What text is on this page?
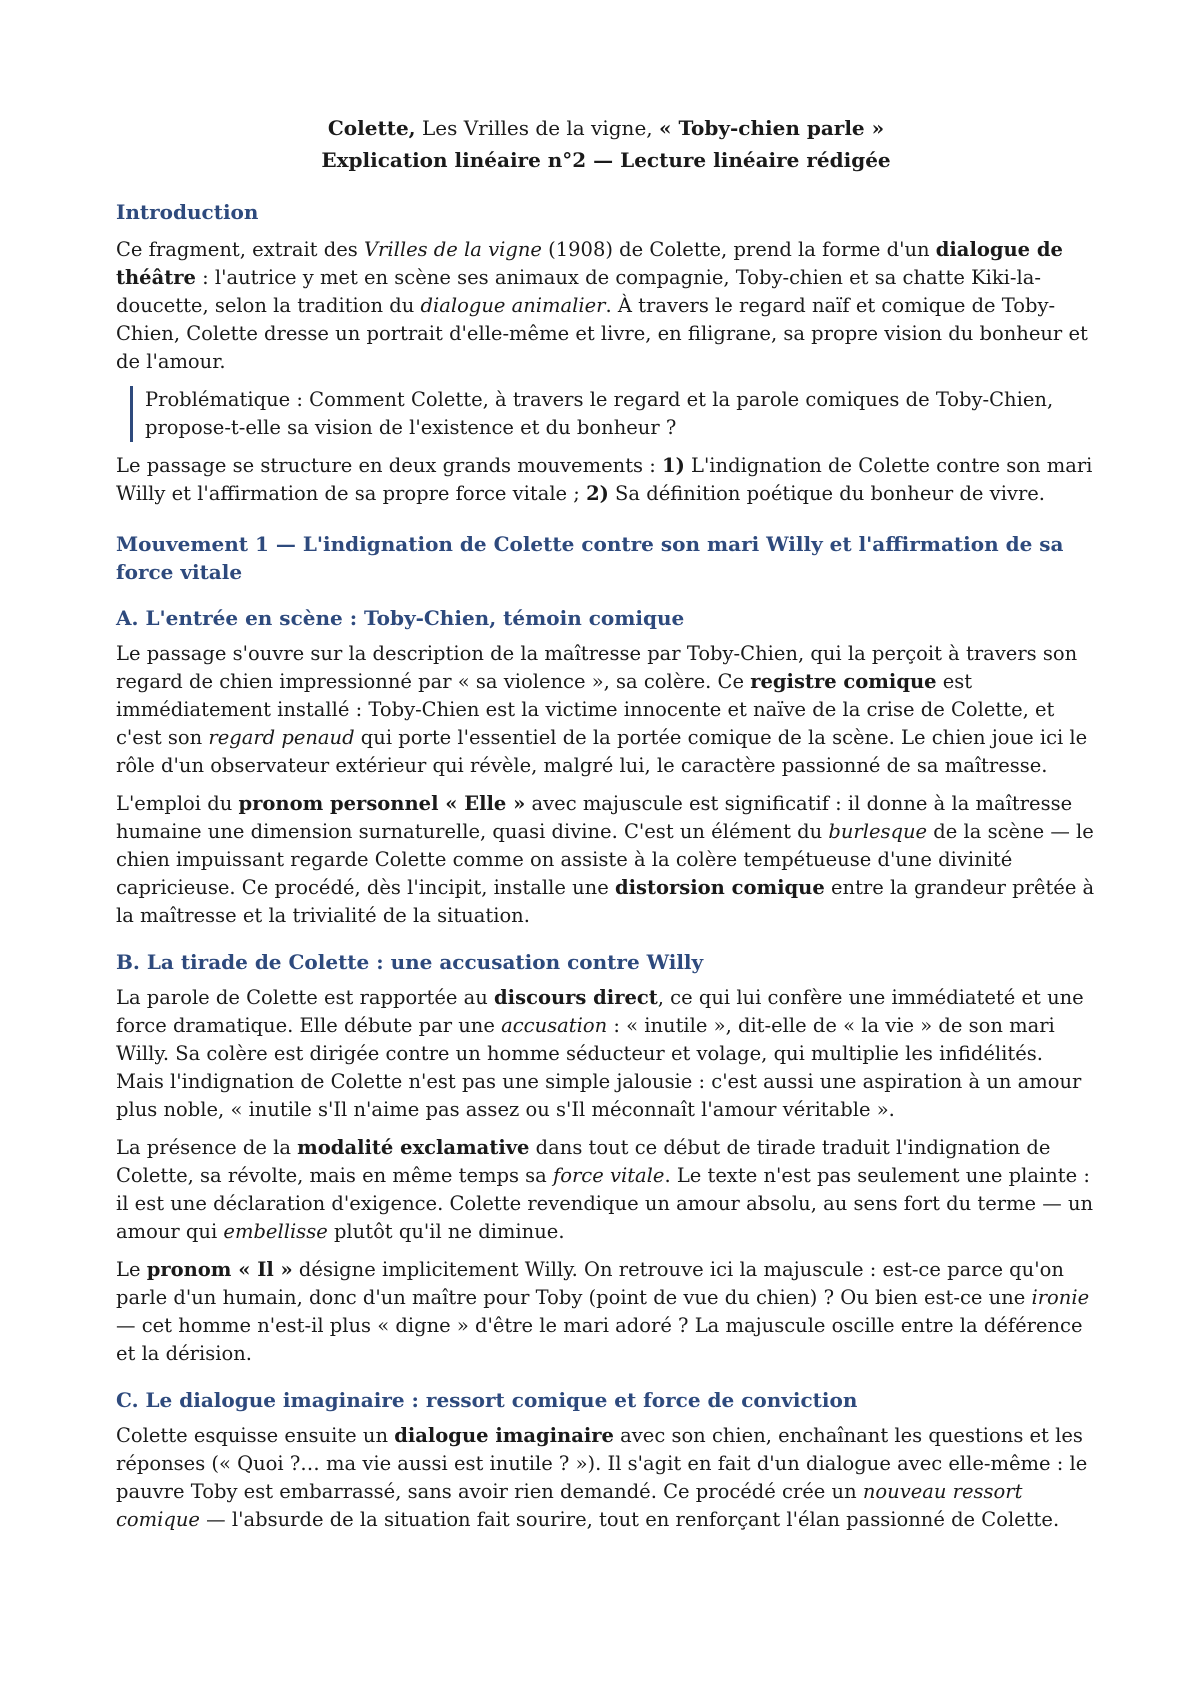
Colette, Les Vrilles de la vigne, « Toby-chien parle »
Explication linéaire n°2 — Lecture linéaire rédigée
Introduction

Ce fragment, extrait des Vrilles de la vigne (1908) de Colette, prend la forme d'un dialogue de théâtre : l'autrice y met en scène ses animaux de compagnie, Toby-chien et sa chatte Kiki-la-doucette, selon la tradition du dialogue animalier. À travers le regard naïf et comique de Toby-Chien, Colette dresse un portrait d'elle-même et livre, en filigrane, sa propre vision du bonheur et de l'amour.

Problématique : Comment Colette, à travers le regard et la parole comiques de Toby-Chien, propose-t-elle sa vision de l'existence et du bonheur ?

Le passage se structure en deux grands mouvements : 1) L'indignation de Colette contre son mari Willy et l'affirmation de sa propre force vitale ; 2) Sa définition poétique du bonheur de vivre.

Mouvement 1 — L'indignation de Colette contre son mari Willy et l'affirmation de sa force vitale
A. L'entrée en scène : Toby-Chien, témoin comique

Le passage s'ouvre sur la description de la maîtresse par Toby-Chien, qui la perçoit à travers son regard de chien impressionné par « sa violence », sa colère. Ce registre comique est immédiatement installé : Toby-Chien est la victime innocente et naïve de la crise de Colette, et c'est son regard penaud qui porte l'essentiel de la portée comique de la scène. Le chien joue ici le rôle d'un observateur extérieur qui révèle, malgré lui, le caractère passionné de sa maîtresse.

L'emploi du pronom personnel « Elle » avec majuscule est significatif : il donne à la maîtresse humaine une dimension surnaturelle, quasi divine. C'est un élément du burlesque de la scène — le chien impuissant regarde Colette comme on assiste à la colère tempétueuse d'une divinité capricieuse. Ce procédé, dès l'incipit, installe une distorsion comique entre la grandeur prêtée à la maîtresse et la trivialité de la situation.

B. La tirade de Colette : une accusation contre Willy

La parole de Colette est rapportée au discours direct, ce qui lui confère une immédiateté et une force dramatique. Elle débute par une accusation : « inutile », dit-elle de « la vie » de son mari Willy. Sa colère est dirigée contre un homme séducteur et volage, qui multiplie les infidélités. Mais l'indignation de Colette n'est pas une simple jalousie : c'est aussi une aspiration à un amour plus noble, « inutile s'Il n'aime pas assez ou s'Il méconnaît l'amour véritable ».

La présence de la modalité exclamative dans tout ce début de tirade traduit l'indignation de Colette, sa révolte, mais en même temps sa force vitale. Le texte n'est pas seulement une plainte : il est une déclaration d'exigence. Colette revendique un amour absolu, au sens fort du terme — un amour qui embellisse plutôt qu'il ne diminue.

Le pronom « Il » désigne implicitement Willy. On retrouve ici la majuscule : est-ce parce qu'on parle d'un humain, donc d'un maître pour Toby (point de vue du chien) ? Ou bien est-ce une ironie — cet homme n'est-il plus « digne » d'être le mari adoré ? La majuscule oscille entre la déférence et la dérision.

C. Le dialogue imaginaire : ressort comique et force de conviction

Colette esquisse ensuite un dialogue imaginaire avec son chien, enchaînant les questions et les réponses (« Quoi ?… ma vie aussi est inutile ? »). Il s'agit en fait d'un dialogue avec elle-même : le pauvre Toby est embarrassé, sans avoir rien demandé. Ce procédé crée un nouveau ressort comique — l'absurde de la situation fait sourire, tout en renforçant l'élan passionné de Colette.
